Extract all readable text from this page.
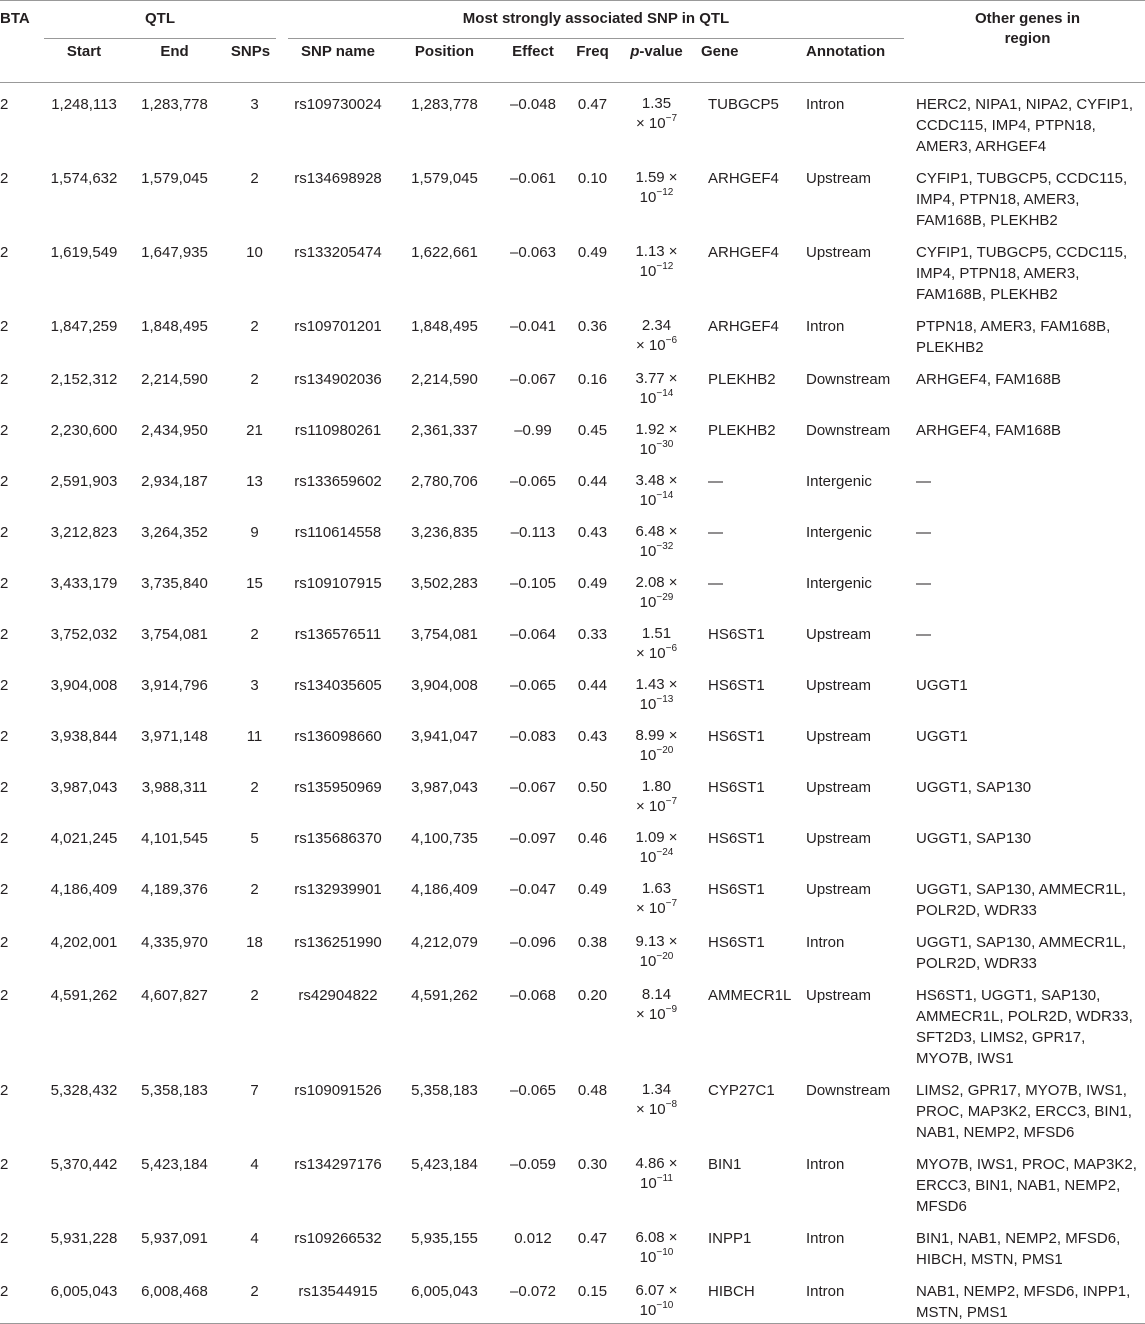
BTA	QTL			Most strongly associated SNP in QTL							Other genes in region

	Start	End	SNPs	SNP name	Position	Effect	Freq	p-value	Gene	Annotation	
2	1,248,113	1,283,778	3	rs109730024	1,283,778	–0.048	0.47	1.35
× $10^{-7}$	TUBGCP5	Intron	HERC2, NIPA1, NIPA2, CYFIP1, CCDC115, IMP4, PTPN18, AMER3, ARHGEF4
2	1,574,632	1,579,045	2	rs134698928	1,579,045	–0.061	0.10	1.59 ×
$10^{-12}$	ARHGEF4	Upstream	CYFIP1, TUBGCP5, CCDC115, IMP4, PTPN18, AMER3, FAM168B, PLEKHB2
2	1,619,549	1,647,935	10	rs133205474	1,622,661	–0.063	0.49	1.13 ×
$10^{-12}$	ARHGEF4	Upstream	CYFIP1, TUBGCP5, CCDC115, IMP4, PTPN18, AMER3, FAM168B, PLEKHB2
2	1,847,259	1,848,495	2	rs109701201	1,848,495	–0.041	0.36	2.34
× $10^{-6}$	ARHGEF4	Intron	PTPN18, AMER3, FAM168B, PLEKHB2
2	2,152,312	2,214,590	2	rs134902036	2,214,590	–0.067	0.16	3.77 ×
$10^{-14}$	PLEKHB2	Downstream	ARHGEF4, FAM168B
2	2,230,600	2,434,950	21	rs110980261	2,361,337	–0.99	0.45	1.92 ×
$10^{-30}$	PLEKHB2	Downstream	ARHGEF4, FAM168B
2	2,591,903	2,934,187	13	rs133659602	2,780,706	–0.065	0.44	3.48 ×
$10^{-14}$	—	Intergenic	—
2	3,212,823	3,264,352	9	rs110614558	3,236,835	–0.113	0.43	6.48 ×
$10^{-32}$	—	Intergenic	—
2	3,433,179	3,735,840	15	rs109107915	3,502,283	–0.105	0.49	2.08 ×
$10^{-29}$	—	Intergenic	—
2	3,752,032	3,754,081	2	rs136576511	3,754,081	–0.064	0.33	1.51
× $10^{-6}$	HS6ST1	Upstream	—
2	3,904,008	3,914,796	3	rs134035605	3,904,008	–0.065	0.44	1.43 ×
$10^{-13}$	HS6ST1	Upstream	UGGT1
2	3,938,844	3,971,148	11	rs136098660	3,941,047	–0.083	0.43	8.99 ×
$10^{-20}$	HS6ST1	Upstream	UGGT1
2	3,987,043	3,988,311	2	rs135950969	3,987,043	–0.067	0.50	1.80
× $10^{-7}$	HS6ST1	Upstream	UGGT1, SAP130
2	4,021,245	4,101,545	5	rs135686370	4,100,735	–0.097	0.46	1.09 ×
$10^{-24}$	HS6ST1	Upstream	UGGT1, SAP130
2	4,186,409	4,189,376	2	rs132939901	4,186,409	–0.047	0.49	1.63
× $10^{-7}$	HS6ST1	Upstream	UGGT1, SAP130, AMMECR1L, POLR2D, WDR33
2	4,202,001	4,335,970	18	rs136251990	4,212,079	–0.096	0.38	9.13 ×
$10^{-20}$	HS6ST1	Intron	UGGT1, SAP130, AMMECR1L, POLR2D, WDR33
2	4,591,262	4,607,827	2	rs42904822	4,591,262	–0.068	0.20	8.14
× $10^{-9}$	AMMECR1L	Upstream	HS6ST1, UGGT1, SAP130, AMMECR1L, POLR2D, WDR33, SFT2D3, LIMS2, GPR17, MYO7B, IWS1
2	5,328,432	5,358,183	7	rs109091526	5,358,183	–0.065	0.48	1.34
× $10^{-8}$	CYP27C1	Downstream	LIMS2, GPR17, MYO7B, IWS1, PROC, MAP3K2, ERCC3, BIN1, NAB1, NEMP2, MFSD6
2	5,370,442	5,423,184	4	rs134297176	5,423,184	–0.059	0.30	4.86 ×
$10^{-11}$	BIN1	Intron	MYO7B, IWS1, PROC, MAP3K2, ERCC3, BIN1, NAB1, NEMP2, MFSD6
2	5,931,228	5,937,091	4	rs109266532	5,935,155	0.012	0.47	6.08 ×
$10^{-10}$	INPP1	Intron	BIN1, NAB1, NEMP2, MFSD6, HIBCH, MSTN, PMS1
2	6,005,043	6,008,468	2	rs13544915	6,005,043	–0.072	0.15	6.07 ×
$10^{-10}$	HIBCH	Intron	NAB1, NEMP2, MFSD6, INPP1, MSTN, PMS1
